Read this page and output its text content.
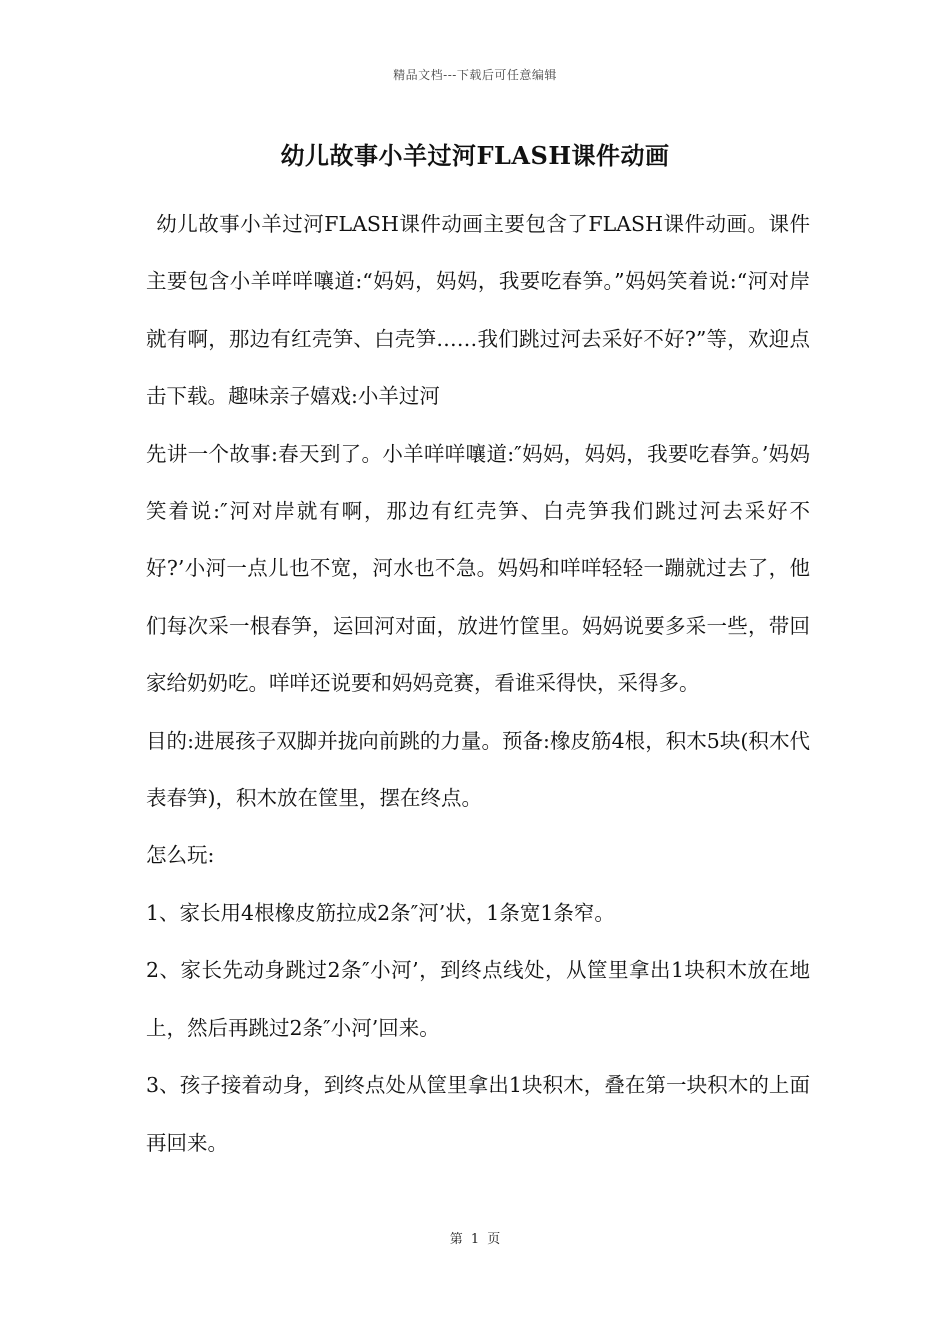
精品文档---下载后可任意编辑
幼儿故事小羊过河FLASH课件动画

幼儿故事小羊过河FLASH课件动画主要包含了FLASH课件动画。课件主要包含小羊咩咩嚷道:“妈妈，妈妈，我要吃春笋。”妈妈笑着说:“河对岸就有啊，那边有红壳笋、白壳笋……我们跳过河去采好不好?”等，欢迎点击下载。趣味亲子嬉戏:小羊过河

先讲一个故事:春天到了。小羊咩咩嚷道:″妈妈，妈妈，我要吃春笋。’妈妈笑着说:″河对岸就有啊，那边有红壳笋、白壳笋我们跳过河去采好不好?’小河一点儿也不宽，河水也不急。妈妈和咩咩轻轻一蹦就过去了，他们每次采一根春笋，运回河对面，放进竹筐里。妈妈说要多采一些，带回家给奶奶吃。咩咩还说要和妈妈竞赛，看谁采得快，采得多。

目的:进展孩子双脚并拢向前跳的力量。预备:橡皮筋4根，积木5块(积木代表春笋)，积木放在筐里，摆在终点。

怎么玩:

1、家长用4根橡皮筋拉成2条″河’状，1条宽1条窄。

2、家长先动身跳过2条″小河’，到终点线处，从筐里拿出1块积木放在地上，然后再跳过2条″小河’回来。

3、孩子接着动身，到终点处从筐里拿出1块积木，叠在第一块积木的上面再回来。

第 1 页
